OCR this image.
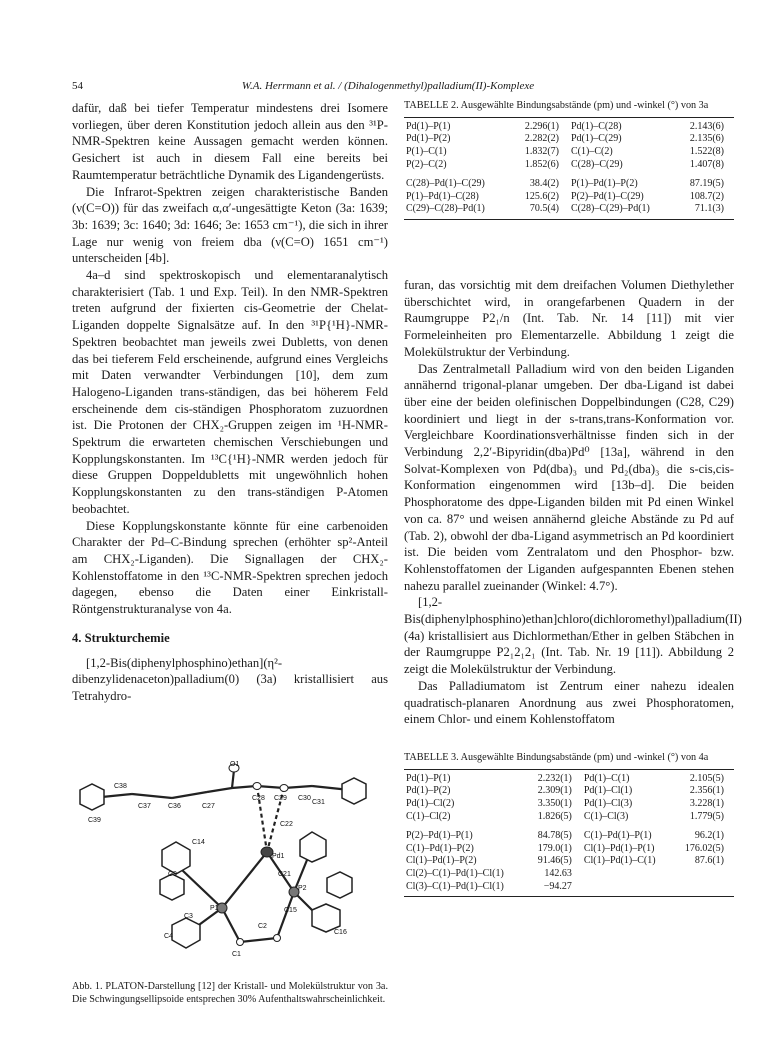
54	W.A. Herrmann et al. / (Dihalogenmethyl)palladium(II)-Komplexe

dafür, daß bei tiefer Temperatur mindestens drei Isomere vorliegen, über deren Konstitution jedoch allein aus den ³¹P-NMR-Spektren keine Aussagen gemacht werden können. Gesichert ist auch in diesem Fall eine bereits bei Raumtemperatur beträchtliche Dynamik des Ligandengerüsts.

Die Infrarot-Spektren zeigen charakteristische Banden (ν(C=O)) für das zweifach α,α′-ungesättigte Keton (3a: 1639; 3b: 1639; 3c: 1640; 3d: 1646; 3e: 1653 cm⁻¹), die sich in ihrer Lage nur wenig von freiem dba (ν(C=O) 1651 cm⁻¹) unterscheiden [4b].

4a–d sind spektroskopisch und elementaranalytisch charakterisiert (Tab. 1 und Exp. Teil). In den NMR-Spektren treten aufgrund der fixierten cis-Geometrie der Chelat-Liganden doppelte Signalsätze auf. In den ³¹P{¹H}-NMR-Spektren beobachtet man jeweils zwei Dubletts, von denen das bei tieferem Feld erscheinende, aufgrund eines Vergleichs mit Daten verwandter Verbindungen [10], dem zum Halogeno-Liganden trans-ständigen, das bei höherem Feld erscheinende dem cis-ständigen Phosphoratom zuzuordnen ist. Die Protonen der CHX₂-Gruppen zeigen im ¹H-NMR-Spektrum die erwarteten chemischen Verschiebungen und Kopplungskonstanten. Im ¹³C{¹H}-NMR werden jedoch für diese Gruppen Doppeldubletts mit ungewöhnlich hohen Kopplungskonstanten zu den trans-ständigen P-Atomen beobachtet.

Diese Kopplungskonstante könnte für eine carbenoiden Charakter der Pd–C-Bindung sprechen (erhöhter sp²-Anteil am CHX₂-Liganden). Die Signallagen der CHX₂-Kohlenstoffatome in den ¹³C-NMR-Spektren sprechen jedoch dagegen, ebenso die Daten einer Einkristall-Röntgenstrukturanalyse von 4a.

4. Strukturchemie

[1,2-Bis(diphenylphosphino)ethan](η²-dibenzylidenaceton)palladium(0) (3a) kristallisiert aus Tetrahydro-

TABELLE 2. Ausgewählte Bindungsabstände (pm) und -winkel (°) von 3a
Pd(1)–P(1)	2.296(1)	Pd(1)–C(28)	2.143(6)
Pd(1)–P(2)	2.282(2)	Pd(1)–C(29)	2.135(6)
P(1)–C(1)	1.832(7)	C(1)–C(2)	1.522(8)
P(2)–C(2)	1.852(6)	C(28)–C(29)	1.407(8)
C(28)–Pd(1)–C(29)	38.4(2)	P(1)–Pd(1)–P(2)	87.19(5)
P(1)–Pd(1)–C(28)	125.6(2)	P(2)–Pd(1)–C(29)	108.7(2)
C(29)–C(28)–Pd(1)	70.5(4)	C(28)–C(29)–Pd(1)	71.1(3)

furan, das vorsichtig mit dem dreifachen Volumen Diethylether überschichtet wird, in orangefarbenen Quadern in der Raumgruppe P2₁/n (Int. Tab. Nr. 14 [11]) mit vier Formeleinheiten pro Elementarzelle. Abbildung 1 zeigt die Molekülstruktur der Verbindung.

Das Zentralmetall Palladium wird von den beiden Liganden annähernd trigonal-planar umgeben. Der dba-Ligand ist dabei über eine der beiden olefinischen Doppelbindungen (C28, C29) koordiniert und liegt in der s-trans,trans-Konformation vor. Vergleichbare Koordinationsverhältnisse finden sich in der Verbindung 2,2′-Bipyridin(dba)Pd⁰ [13a], während in den Solvat-Komplexen von Pd(dba)₃ und Pd₂(dba)₃ die s-cis,cis-Konformation eingenommen wird [13b–d]. Die beiden Phosphoratome des dppe-Liganden bilden mit Pd einen Winkel von ca. 87° und weisen annähernd gleiche Abstände zu Pd auf (Tab. 2), obwohl der dba-Ligand asymmetrisch an Pd koordiniert ist. Die beiden vom Zentralatom und den Phosphor- bzw. Kohlenstoffatomen der Liganden aufgespannten Ebenen stehen nahezu parallel zueinander (Winkel: 4.7°).

[1,2-Bis(diphenylphosphino)ethan]chloro(dichloromethyl)palladium(II) (4a) kristallisiert aus Dichlormethan/Ether in gelben Stäbchen in der Raumgruppe P2₁2₁2₁ (Int. Tab. Nr. 19 [11]). Abbildung 2 zeigt die Molekülstruktur der Verbindung.

Das Palladiumatom ist Zentrum einer nahezu idealen quadratisch-planaren Anordnung aus zwei Phosphoratomen, einem Chlor- und einem Kohlenstoffatom

TABELLE 3. Ausgewählte Bindungsabstände (pm) und -winkel (°) von 4a
Pd(1)–P(1)	2.232(1)	Pd(1)–C(1)	2.105(5)
Pd(1)–P(2)	2.309(1)	Pd(1)–Cl(1)	2.356(1)
Pd(1)–Cl(2)	3.350(1)	Pd(1)–Cl(3)	3.228(1)
C(1)–Cl(2)	1.826(5)	C(1)–Cl(3)	1.779(5)
P(2)–Pd(1)–P(1)	84.78(5)	C(1)–Pd(1)–P(1)	96.2(1)
C(1)–Pd(1)–P(2)	179.0(1)	Cl(1)–Pd(1)–P(1)	176.02(5)
Cl(1)–Pd(1)–P(2)	91.46(5)	Cl(1)–Pd(1)–C(1)	87.6(1)
Cl(2)–C(1)–Pd(1)–Cl(1)	142.63		
Cl(3)–C(1)–Pd(1)–Cl(1)	−94.27		
O1
C38
C28 C29 C30
C37 C36	C27
C31
C39
C22
Pd1
C21
C14
C9
P2
P1	C15
C3
C2
C16
C4
C1
Abb. 1. PLATON-Darstellung [12] der Kristall- und Molekülstruktur von 3a. Die Schwingungsellipsoide entsprechen 30% Aufenthaltswahrscheinlichkeit.
